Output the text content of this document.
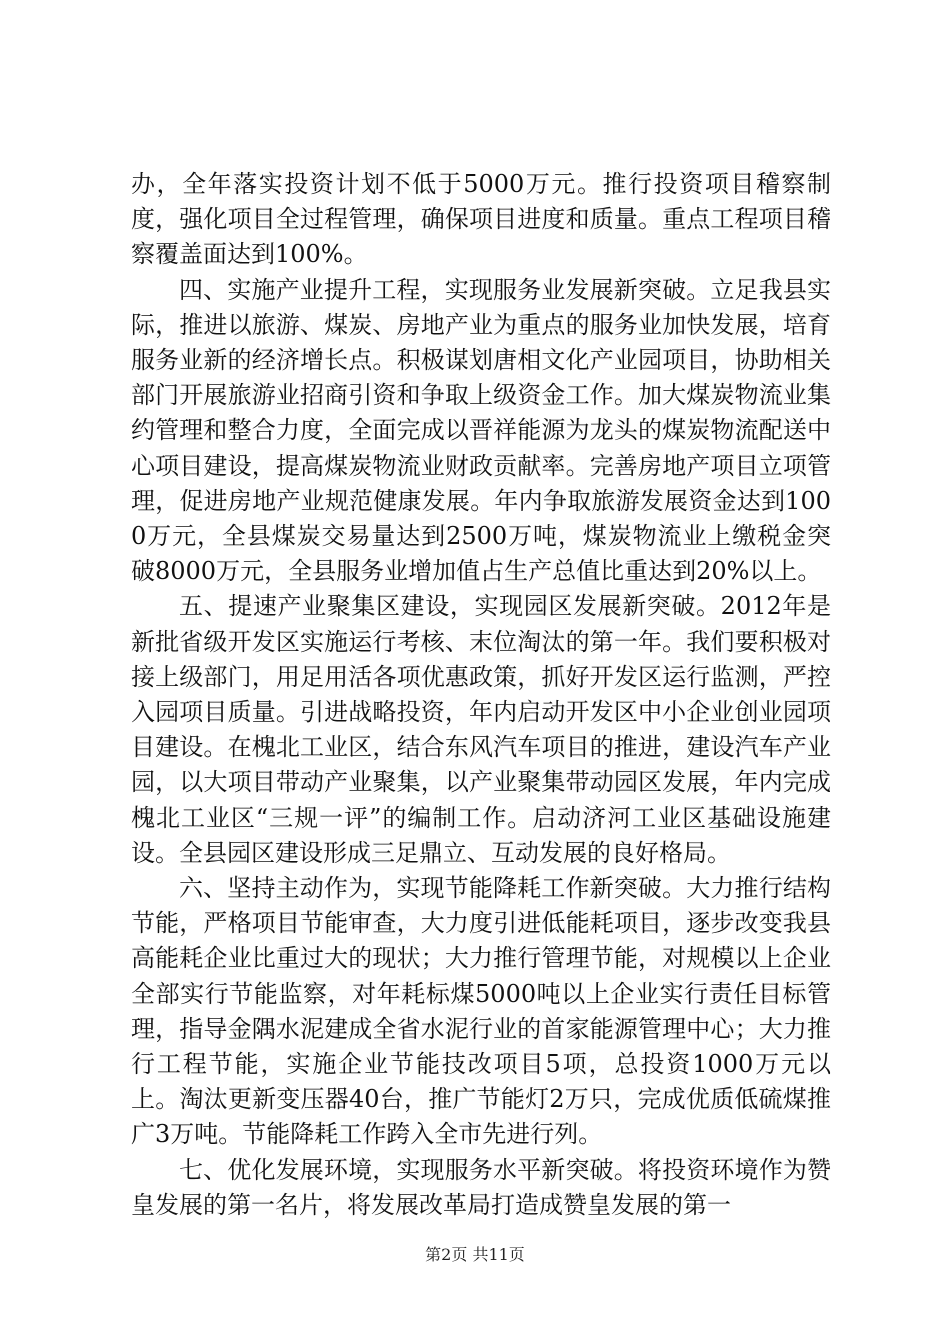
办，全年落实投资计划不低于5000万元。推行投资项目稽察制度，强化项目全过程管理，确保项目进度和质量。重点工程项目稽察覆盖面达到100%。

四、实施产业提升工程，实现服务业发展新突破。立足我县实际，推进以旅游、煤炭、房地产业为重点的服务业加快发展，培育服务业新的经济增长点。积极谋划唐相文化产业园项目，协助相关部门开展旅游业招商引资和争取上级资金工作。加大煤炭物流业集约管理和整合力度，全面完成以晋祥能源为龙头的煤炭物流配送中心项目建设，提高煤炭物流业财政贡献率。完善房地产项目立项管理，促进房地产业规范健康发展。年内争取旅游发展资金达到1000万元，全县煤炭交易量达到2500万吨，煤炭物流业上缴税金突破8000万元，全县服务业增加值占生产总值比重达到20%以上。

五、提速产业聚集区建设，实现园区发展新突破。2012年是新批省级开发区实施运行考核、末位淘汰的第一年。我们要积极对接上级部门，用足用活各项优惠政策，抓好开发区运行监测，严控入园项目质量。引进战略投资，年内启动开发区中小企业创业园项目建设。在槐北工业区，结合东风汽车项目的推进，建设汽车产业园，以大项目带动产业聚集，以产业聚集带动园区发展，年内完成槐北工业区“三规一评”的编制工作。启动济河工业区基础设施建设。全县园区建设形成三足鼎立、互动发展的良好格局。

六、坚持主动作为，实现节能降耗工作新突破。大力推行结构节能，严格项目节能审查，大力度引进低能耗项目，逐步改变我县高能耗企业比重过大的现状；大力推行管理节能，对规模以上企业全部实行节能监察，对年耗标煤5000吨以上企业实行责任目标管理，指导金隅水泥建成全省水泥行业的首家能源管理中心；大力推行工程节能，实施企业节能技改项目5项，总投资1000万元以上。淘汰更新变压器40台，推广节能灯2万只，完成优质低硫煤推广3万吨。节能降耗工作跨入全市先进行列。

七、优化发展环境，实现服务水平新突破。将投资环境作为赞皇发展的第一名片，将发展改革局打造成赞皇发展的第一

第2页 共11页
